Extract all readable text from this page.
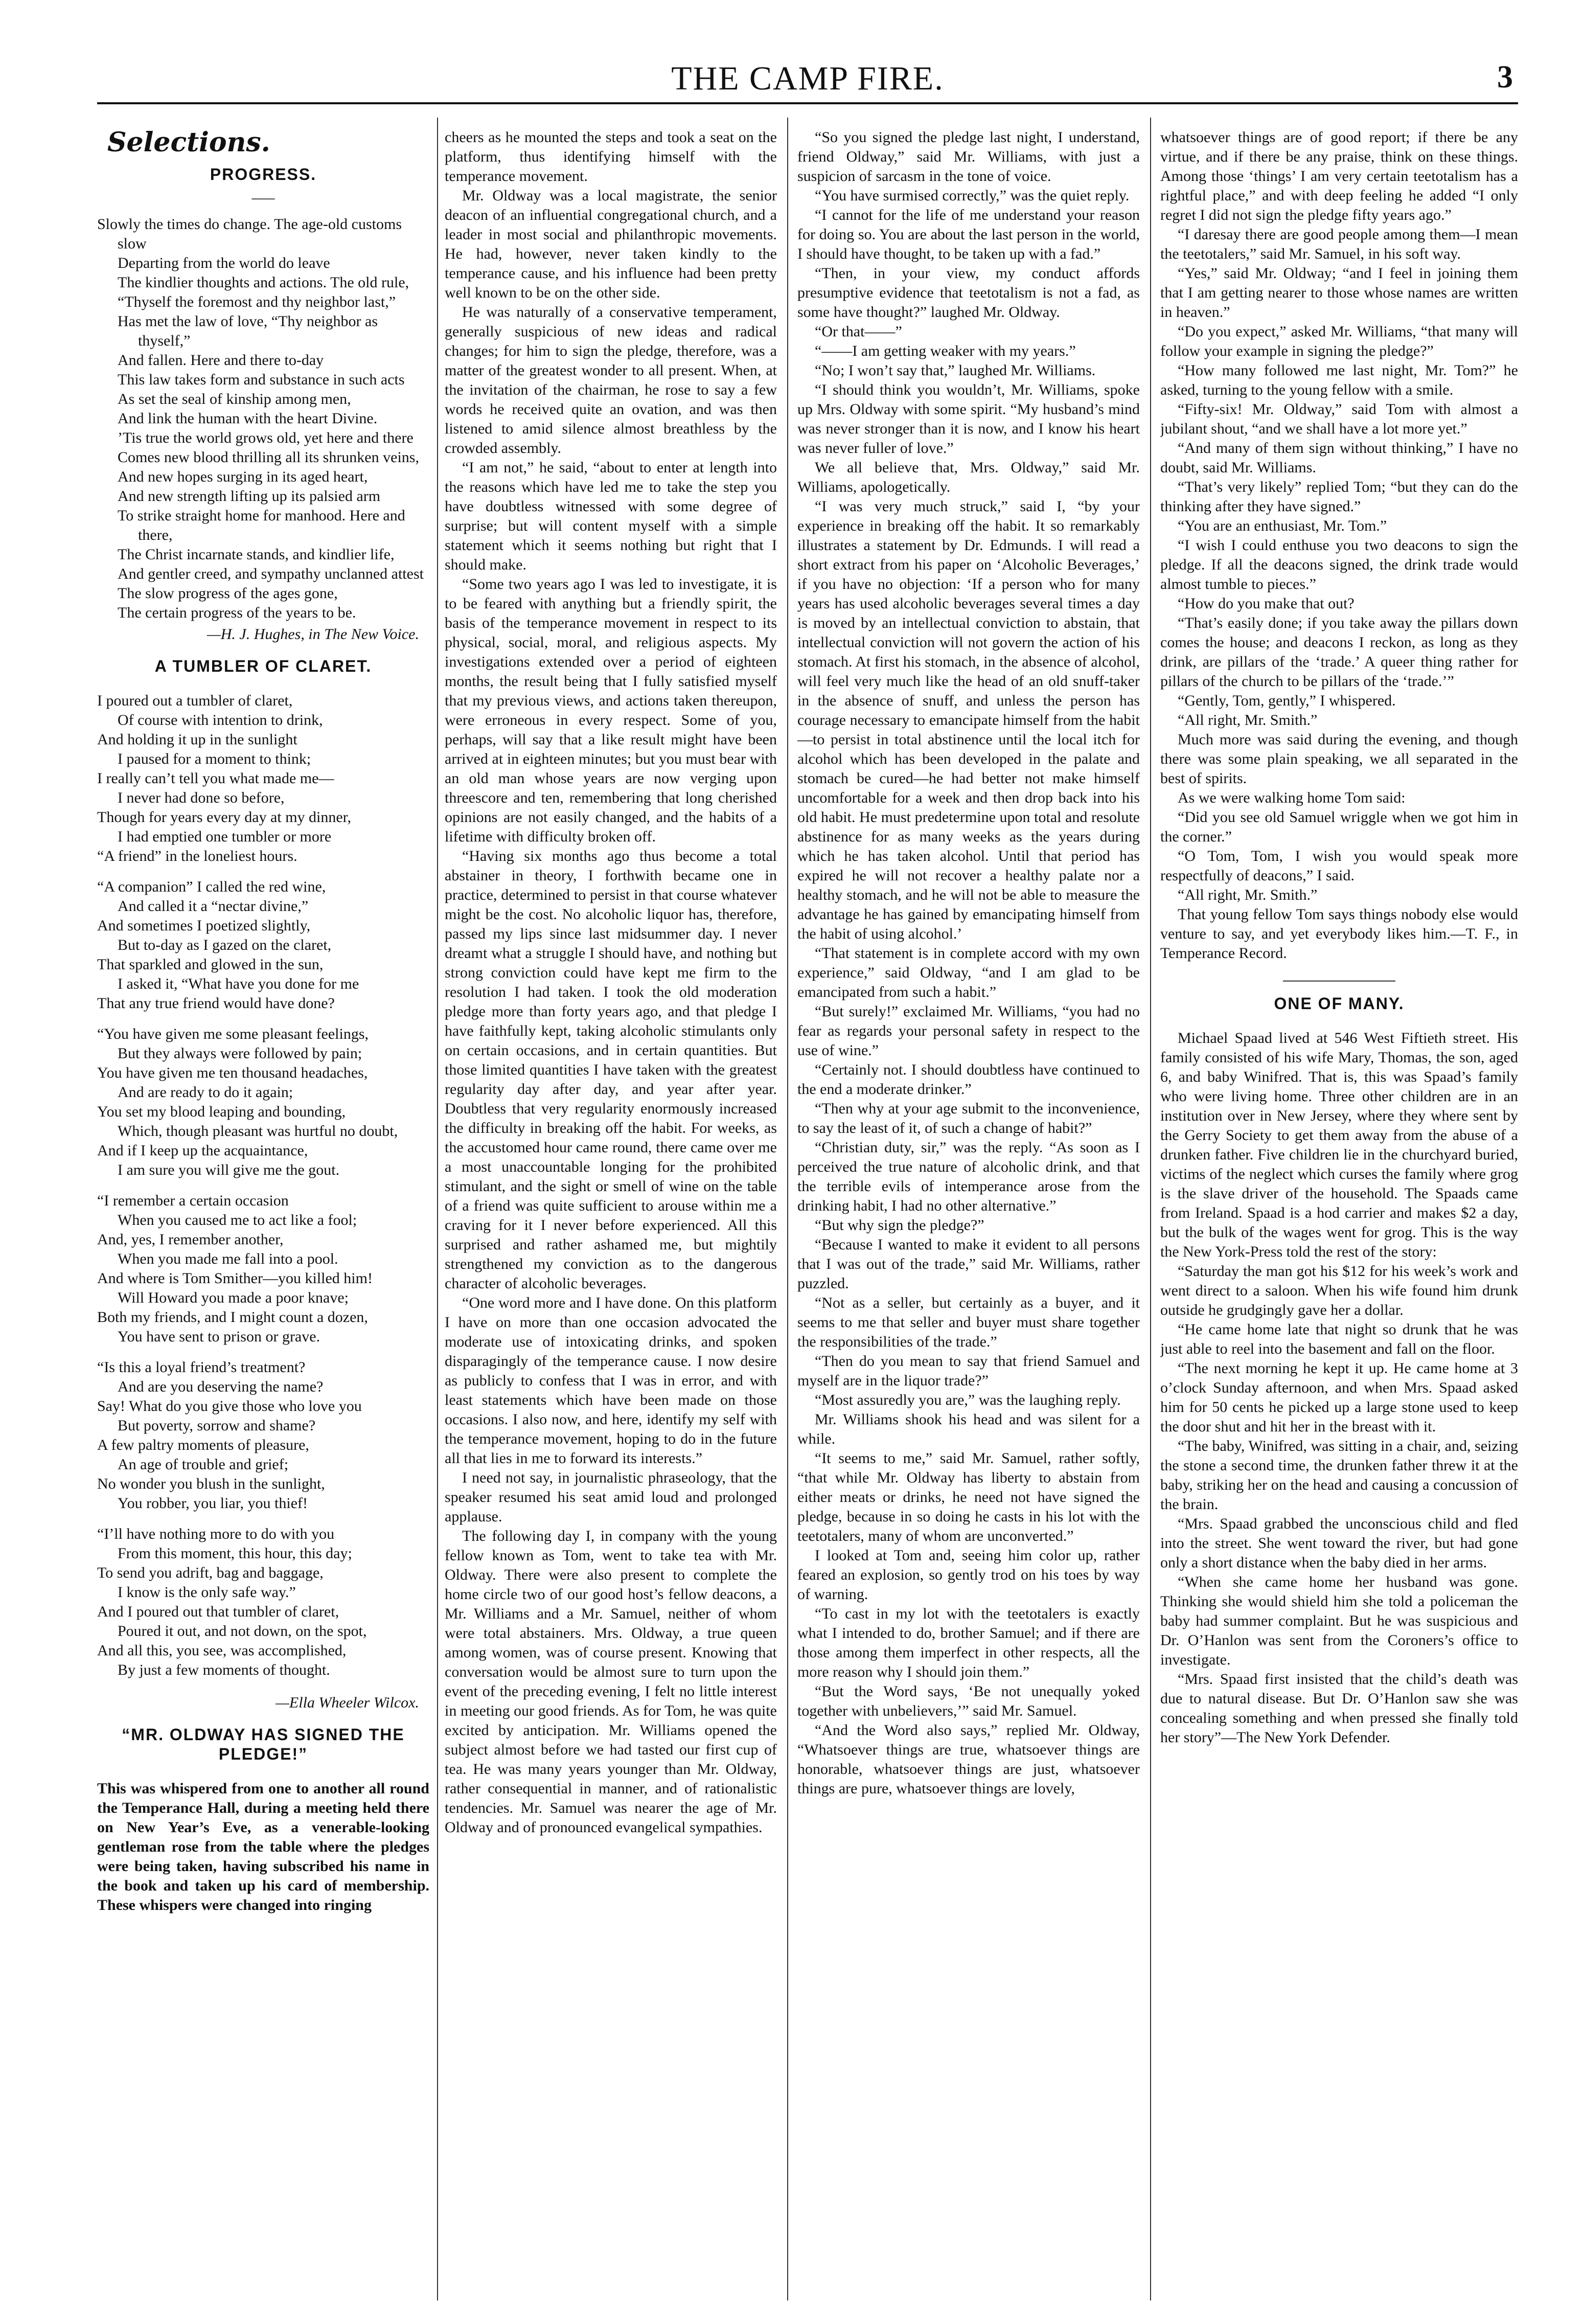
THE CAMP FIRE.	3
Selections.
PROGRESS.
—–

Slowly the times do change. The age-old customs slow

Departing from the world do leave

The kindlier thoughts and actions. The old rule,

“Thyself the foremost and thy neighbor last,”

Has met the law of love, “Thy neighbor as thyself,”

And fallen. Here and there to-day

This law takes form and substance in such acts

As set the seal of kinship among men,

And link the human with the heart Divine.

’Tis true the world grows old, yet here and there

Comes new blood thrilling all its shrunken veins,

And new hopes surging in its aged heart,

And new strength lifting up its palsied arm

To strike straight home for manhood. Here and there,

The Christ incarnate stands, and kindlier life,

And gentler creed, and sympathy unclanned attest

The slow progress of the ages gone,

The certain progress of the years to be.

—H. J. Hughes, in The New Voice.
A TUMBLER OF CLARET.

I poured out a tumbler of claret,

Of course with intention to drink,

And holding it up in the sunlight

I paused for a moment to think;

I really can’t tell you what made me—

I never had done so before,

Though for years every day at my dinner,

I had emptied one tumbler or more

“A friend” in the loneliest hours.

“A companion” I called the red wine,

And called it a “nectar divine,”

And sometimes I poetized slightly,

But to-day as I gazed on the claret,

That sparkled and glowed in the sun,

I asked it, “What have you done for me

That any true friend would have done?

“You have given me some pleasant feelings,

But they always were followed by pain;

You have given me ten thousand headaches,

And are ready to do it again;

You set my blood leaping and bounding,

Which, though pleasant was hurtful no doubt,

And if I keep up the acquaintance,

I am sure you will give me the gout.

“I remember a certain occasion

When you caused me to act like a fool;

And, yes, I remember another,

When you made me fall into a pool.

And where is Tom Smither—you killed him!

Will Howard you made a poor knave;

Both my friends, and I might count a dozen,

You have sent to prison or grave.

“Is this a loyal friend’s treatment?

And are you deserving the name?

Say! What do you give those who love you

But poverty, sorrow and shame?

A few paltry moments of pleasure,

An age of trouble and grief;

No wonder you blush in the sunlight,

You robber, you liar, you thief!

“I’ll have nothing more to do with you

From this moment, this hour, this day;

To send you adrift, bag and baggage,

I know is the only safe way.”

And I poured out that tumbler of claret,

Poured it out, and not down, on the spot,

And all this, you see, was accomplished,

By just a few moments of thought.

—Ella Wheeler Wilcox.
“MR. OLDWAY HAS SIGNED THE PLEDGE!”

This was whispered from one to another all round the Temperance Hall, during a meeting held there on New Year’s Eve, as a venerable-looking gentleman rose from the table where the pledges were being taken, having subscribed his name in the book and taken up his card of membership. These whispers were changed into ringing

cheers as he mounted the steps and took a seat on the platform, thus identifying himself with the temperance movement.

Mr. Oldway was a local magistrate, the senior deacon of an influential congregational church, and a leader in most social and philanthropic movements. He had, however, never taken kindly to the temperance cause, and his influence had been pretty well known to be on the other side.

He was naturally of a conservative temperament, generally suspicious of new ideas and radical changes; for him to sign the pledge, therefore, was a matter of the greatest wonder to all present. When, at the invitation of the chairman, he rose to say a few words he received quite an ovation, and was then listened to amid silence almost breathless by the crowded assembly.

“I am not,” he said, “about to enter at length into the reasons which have led me to take the step you have doubtless witnessed with some degree of surprise; but will content myself with a simple statement which it seems nothing but right that I should make.

“Some two years ago I was led to investigate, it is to be feared with anything but a friendly spirit, the basis of the temperance movement in respect to its physical, social, moral, and religious aspects. My investigations extended over a period of eighteen months, the result being that I fully satisfied myself that my previous views, and actions taken thereupon, were erroneous in every respect. Some of you, perhaps, will say that a like result might have been arrived at in eighteen minutes; but you must bear with an old man whose years are now verging upon threescore and ten, remembering that long cherished opinions are not easily changed, and the habits of a lifetime with difficulty broken off.

“Having six months ago thus become a total abstainer in theory, I forthwith became one in practice, determined to persist in that course whatever might be the cost. No alcoholic liquor has, therefore, passed my lips since last midsummer day. I never dreamt what a struggle I should have, and nothing but strong conviction could have kept me firm to the resolution I had taken. I took the old moderation pledge more than forty years ago, and that pledge I have faithfully kept, taking alcoholic stimulants only on certain occasions, and in certain quantities. But those limited quantities I have taken with the greatest regularity day after day, and year after year. Doubtless that very regularity enormously increased the difficulty in breaking off the habit. For weeks, as the accustomed hour came round, there came over me a most unaccountable longing for the prohibited stimulant, and the sight or smell of wine on the table of a friend was quite sufficient to arouse within me a craving for it I never before experienced. All this surprised and rather ashamed me, but mightily strengthened my conviction as to the dangerous character of alcoholic beverages.

“One word more and I have done. On this platform I have on more than one occasion advocated the moderate use of intoxicating drinks, and spoken disparagingly of the temperance cause. I now desire as publicly to confess that I was in error, and with least statements which have been made on those occasions. I also now, and here, identify my self with the temperance movement, hoping to do in the future all that lies in me to forward its interests.”

I need not say, in journalistic phraseology, that the speaker resumed his seat amid loud and prolonged applause.

The following day I, in company with the young fellow known as Tom, went to take tea with Mr. Oldway. There were also present to complete the home circle two of our good host’s fellow deacons, a Mr. Williams and a Mr. Samuel, neither of whom were total abstainers. Mrs. Oldway, a true queen among women, was of course present. Knowing that conversation would be almost sure to turn upon the event of the preceding evening, I felt no little interest in meeting our good friends. As for Tom, he was quite excited by anticipation. Mr. Williams opened the subject almost before we had tasted our first cup of tea. He was many years younger than Mr. Oldway, rather consequential in manner, and of rationalistic tendencies. Mr. Samuel was nearer the age of Mr. Oldway and of pronounced evangelical sympathies.

“So you signed the pledge last night, I understand, friend Oldway,” said Mr. Williams, with just a suspicion of sarcasm in the tone of voice.

“You have surmised correctly,” was the quiet reply.

“I cannot for the life of me understand your reason for doing so. You are about the last person in the world, I should have thought, to be taken up with a fad.”

“Then, in your view, my conduct affords presumptive evidence that teetotalism is not a fad, as some have thought?” laughed Mr. Oldway.

“Or that——”

“——I am getting weaker with my years.”

“No; I won’t say that,” laughed Mr. Williams.

“I should think you wouldn’t, Mr. Williams, spoke up Mrs. Oldway with some spirit. “My husband’s mind was never stronger than it is now, and I know his heart was never fuller of love.”

We all believe that, Mrs. Oldway,” said Mr. Williams, apologetically.

“I was very much struck,” said I, “by your experience in breaking off the habit. It so remarkably illustrates a statement by Dr. Edmunds. I will read a short extract from his paper on ‘Alcoholic Beverages,’ if you have no objection: ‘If a person who for many years has used alcoholic beverages several times a day is moved by an intellectual conviction to abstain, that intellectual conviction will not govern the action of his stomach. At first his stomach, in the absence of alcohol, will feel very much like the head of an old snuff-taker in the absence of snuff, and unless the person has courage necessary to emancipate himself from the habit—to persist in total abstinence until the local itch for alcohol which has been developed in the palate and stomach be cured—he had better not make himself uncomfortable for a week and then drop back into his old habit. He must predetermine upon total and resolute abstinence for as many weeks as the years during which he has taken alcohol. Until that period has expired he will not recover a healthy palate nor a healthy stomach, and he will not be able to measure the advantage he has gained by emancipating himself from the habit of using alcohol.’

“That statement is in complete accord with my own experience,” said Oldway, “and I am glad to be emancipated from such a habit.”

“But surely!” exclaimed Mr. Williams, “you had no fear as regards your personal safety in respect to the use of wine.”

“Certainly not. I should doubtless have continued to the end a moderate drinker.”

“Then why at your age submit to the inconvenience, to say the least of it, of such a change of habit?”

“Christian duty, sir,” was the reply. “As soon as I perceived the true nature of alcoholic drink, and that the terrible evils of intemperance arose from the drinking habit, I had no other alternative.”

“But why sign the pledge?”

“Because I wanted to make it evident to all persons that I was out of the trade,” said Mr. Williams, rather puzzled.

“Not as a seller, but certainly as a buyer, and it seems to me that seller and buyer must share together the responsibilities of the trade.”

“Then do you mean to say that friend Samuel and myself are in the liquor trade?”

“Most assuredly you are,” was the laughing reply.

Mr. Williams shook his head and was silent for a while.

“It seems to me,” said Mr. Samuel, rather softly, “that while Mr. Oldway has liberty to abstain from either meats or drinks, he need not have signed the pledge, because in so doing he casts in his lot with the teetotalers, many of whom are unconverted.”

I looked at Tom and, seeing him color up, rather feared an explosion, so gently trod on his toes by way of warning.

“To cast in my lot with the teetotalers is exactly what I intended to do, brother Samuel; and if there are those among them imperfect in other respects, all the more reason why I should join them.”

“But the Word says, ‘Be not unequally yoked together with unbelievers,’” said Mr. Samuel.

“And the Word also says,” replied Mr. Oldway, “Whatsoever things are true, whatsoever things are honorable, whatsoever things are just, whatsoever things are pure, whatsoever things are lovely,

whatsoever things are of good report; if there be any virtue, and if there be any praise, think on these things. Among those ‘things’ I am very certain teetotalism has a rightful place,” and with deep feeling he added “I only regret I did not sign the pledge fifty years ago.”

“I daresay there are good people among them—I mean the teetotalers,” said Mr. Samuel, in his soft way.

“Yes,” said Mr. Oldway; “and I feel in joining them that I am getting nearer to those whose names are written in heaven.”

“Do you expect,” asked Mr. Williams, “that many will follow your example in signing the pledge?”

“How many followed me last night, Mr. Tom?” he asked, turning to the young fellow with a smile.

“Fifty-six! Mr. Oldway,” said Tom with almost a jubilant shout, “and we shall have a lot more yet.”

“And many of them sign without thinking,” I have no doubt, said Mr. Williams.

“That’s very likely” replied Tom; “but they can do the thinking after they have signed.”

“You are an enthusiast, Mr. Tom.”

“I wish I could enthuse you two deacons to sign the pledge. If all the deacons signed, the drink trade would almost tumble to pieces.”

“How do you make that out?

“That’s easily done; if you take away the pillars down comes the house; and deacons I reckon, as long as they drink, are pillars of the ‘trade.’ A queer thing rather for pillars of the church to be pillars of the ‘trade.’”

“Gently, Tom, gently,” I whispered.

“All right, Mr. Smith.”

Much more was said during the evening, and though there was some plain speaking, we all separated in the best of spirits.

As we were walking home Tom said:

“Did you see old Samuel wriggle when we got him in the corner.”

“O Tom, Tom, I wish you would speak more respectfully of deacons,” I said.

“All right, Mr. Smith.”

That young fellow Tom says things nobody else would venture to say, and yet everybody likes him.—T. F., in Temperance Record.

ONE OF MANY.

Michael Spaad lived at 546 West Fiftieth street. His family consisted of his wife Mary, Thomas, the son, aged 6, and baby Winifred. That is, this was Spaad’s family who were living home. Three other children are in an institution over in New Jersey, where they where sent by the Gerry Society to get them away from the abuse of a drunken father. Five children lie in the churchyard buried, victims of the neglect which curses the family where grog is the slave driver of the household. The Spaads came from Ireland. Spaad is a hod carrier and makes $2 a day, but the bulk of the wages went for grog. This is the way the New York-Press told the rest of the story:

“Saturday the man got his $12 for his week’s work and went direct to a saloon. When his wife found him drunk outside he grudgingly gave her a dollar.

“He came home late that night so drunk that he was just able to reel into the basement and fall on the floor.

“The next morning he kept it up. He came home at 3 o’clock Sunday afternoon, and when Mrs. Spaad asked him for 50 cents he picked up a large stone used to keep the door shut and hit her in the breast with it.

“The baby, Winifred, was sitting in a chair, and, seizing the stone a second time, the drunken father threw it at the baby, striking her on the head and causing a concussion of the brain.

“Mrs. Spaad grabbed the unconscious child and fled into the street. She went toward the river, but had gone only a short distance when the baby died in her arms.

“When she came home her husband was gone. Thinking she would shield him she told a policeman the baby had summer complaint. But he was suspicious and Dr. O’Hanlon was sent from the Coroners’s office to investigate.

“Mrs. Spaad first insisted that the child’s death was due to natural disease. But Dr. O’Hanlon saw she was concealing something and when pressed she finally told her story”—The New York Defender.
